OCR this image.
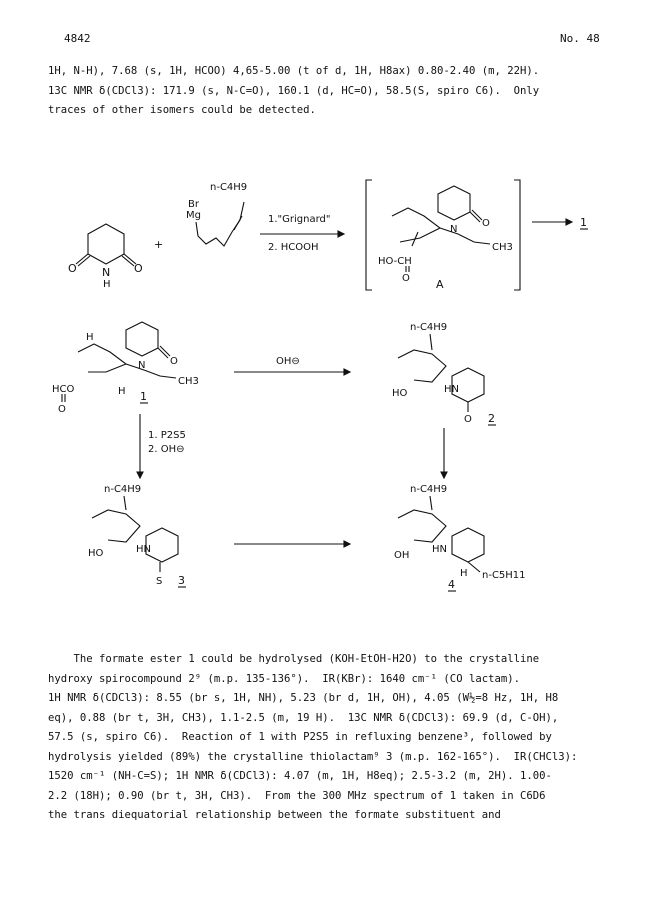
4842	No. 48
1H, N-H), 7.68 (s, 1H, HCOO) 4,65-5.00 (t of d, 1H, H8ax) 0.80-2.40 (m, 22H).
13C NMR δ(CDCl3): 171.9 (s, N-C=O), 160.1 (d, HC=O), 58.5(S, spiro C6).  Only
traces of other isomers could be detected.
O	O
N
H
+
Br
Mg
n-C4H9
1."Grignard"
2. HCOOH
O
N
CH3
HO-CH
O A
1
O
N
CH3
H
H
HCO
O
1
OH⊖
n-C4H9
HO	HN
O 2
1. P2S5
2. OH⊖
n-C4H9
HO	HN
S 3
n-C4H9
OH
HN
H n-C5H11
4
The formate ester 1 could be hydrolysed (KOH-EtOH-H2O) to the crystalline
hydroxy spirocompound 2⁹ (m.p. 135-136°).  IR(KBr): 1640 cm⁻¹ (CO lactam).
1H NMR δ(CDCl3): 8.55 (br s, 1H, NH), 5.23 (br d, 1H, OH), 4.05 (W½=8 Hz, 1H, H8
eq), 0.88 (br t, 3H, CH3), 1.1-2.5 (m, 19 H).  13C NMR δ(CDCl3): 69.9 (d, C-OH),
57.5 (s, spiro C6).  Reaction of 1 with P2S5 in refluxing benzene³, followed by
hydrolysis yielded (89%) the crystalline thiolactam⁹ 3 (m.p. 162-165°).  IR(CHCl3):
1520 cm⁻¹ (NH-C=S); 1H NMR δ(CDCl3): 4.07 (m, 1H, H8eq); 2.5-3.2 (m, 2H). 1.00-
2.2 (18H); 0.90 (br t, 3H, CH3).  From the 300 MHz spectrum of 1 taken in C6D6
the trans diequatorial relationship between the formate substituent and
